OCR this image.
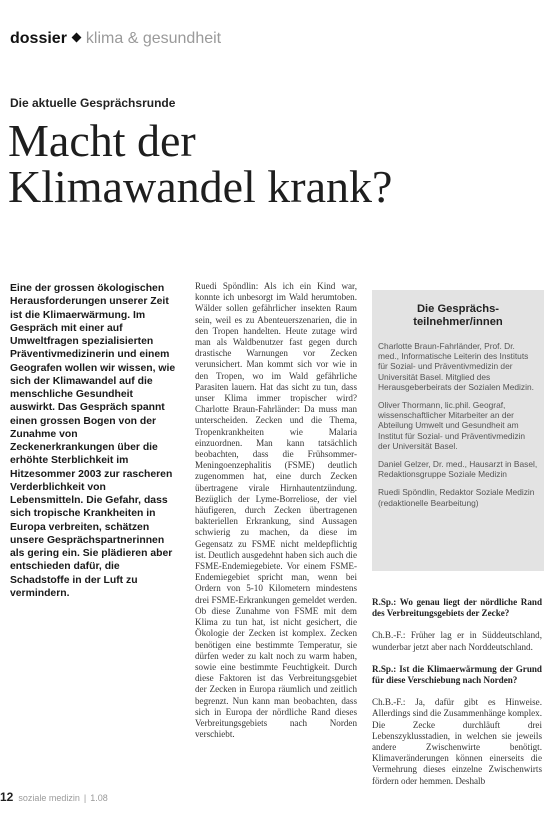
dossier klima & gesundheit
Die aktuelle Gesprächsrunde
Macht der
Klimawandel krank?

Eine der grossen ökologischen Herausforderungen unserer Zeit ist die Klimaerwärmung. Im Gespräch mit einer auf Umweltfragen spezialisierten Präventivmedizinerin und einem Geografen wollen wir wissen, wie sich der Klimawandel auf die menschliche Gesundheit auswirkt. Das Gespräch spannt einen grossen Bogen von der Zunahme von Zeckenerkrankungen über die erhöhte Sterblichkeit im Hitzesommer 2003 zur rascheren Verderblichkeit von Lebensmitteln. Die Gefahr, dass sich tropische Krankheiten in Europa verbreiten, schätzen unsere Gesprächspartnerinnen als gering ein. Sie plädieren aber entschieden dafür, die Schadstoffe in der Luft zu vermindern.

Ruedi Spöndlin: Als ich ein Kind war, konnte ich unbesorgt im Wald herumtoben. Wälder sollen gefährlicher insekten Raum sein, weil es zu Abenteuerszenarien, die in den Tropen handelten. Heute zutage wird man als Waldbenutzer fast gegen durch drastische Warnungen vor Zecken verunsichert. Man kommt sich vor wie in den Tropen, wo im Wald gefährliche Parasiten lauern. Hat das sicht zu tun, dass unser Klima immer tropischer wird? Charlotte Braun-Fahrländer: Da muss man unterscheiden. Zecken und die Thema, Tropenkrankheiten wie Malaria einzuordnen. Man kann tatsächlich beobachten, dass die Frühsommer-Meningoenzephalitis (FSME) deutlich zugenommen hat, eine durch Zecken übertragene virale Hirnhautentzündung. Bezüglich der Lyme-Borreliose, der viel häufigeren, durch Zecken übertragenen bakteriellen Erkrankung, sind Aussagen schwierig zu machen, da diese im Gegensatz zu FSME nicht meldepflichtig ist. Deutlich ausgedehnt haben sich auch die FSME-Endemiegebiete. Vor einem FSME-Endemiegebiet spricht man, wenn bei Ordern von 5-10 Kilometern mindestens drei FSME-Erkrankungen gemeldet werden. Ob diese Zunahme von FSME mit dem Klima zu tun hat, ist nicht gesichert, die Ökologie der Zecken ist komplex. Zecken benötigen eine bestimmte Temperatur, sie dürfen weder zu kalt noch zu warm haben, sowie eine bestimmte Feuchtigkeit. Durch diese Faktoren ist das Verbreitungsgebiet der Zecken in Europa räumlich und zeitlich begrenzt. Nun kann man beobachten, dass sich in Europa der nördliche Rand dieses Verbreitungsgebiets nach Norden verschiebt.

Die Gesprächs-
teilnehmer/innen

Charlotte Braun-Fahrländer, Prof. Dr. med., Informatische Leiterin des Instituts für Sozial- und Präventivmedizin der Universität Basel. Mitglied des Herausgeberbeirats der Sozialen Medizin.

Oliver Thormann, lic.phil. Geograf, wissenschaftlicher Mitarbeiter an der Abteilung Umwelt und Gesundheit am Institut für Sozial- und Präventivmedizin der Universität Basel.

Daniel Gelzer, Dr. med., Hausarzt in Basel, Redaktionsgruppe Soziale Medizin

Ruedi Spöndlin, Redaktor Soziale Medizin (redaktionelle Bearbeitung)

R.Sp.: Wo genau liegt der nördliche Rand des Verbreitungsgebiets der Zecke?

Ch.B.-F.: Früher lag er in Süddeutschland, wunderbar jetzt aber nach Norddeutschland.

R.Sp.: Ist die Klimaerwärmung der Grund für diese Verschiebung nach Norden?

Ch.B.-F.: Ja, dafür gibt es Hinweise. Allerdings sind die Zusammenhänge komplex. Die Zecke durchläuft drei Lebenszyklusstadien, in welchen sie jeweils andere Zwischenwirte benötigt. Klimaveränderungen können einerseits die Vermehrung dieses einzelne Zwischenwirts fördern oder hemmen. Deshalb

12 soziale medizin | 1.08
